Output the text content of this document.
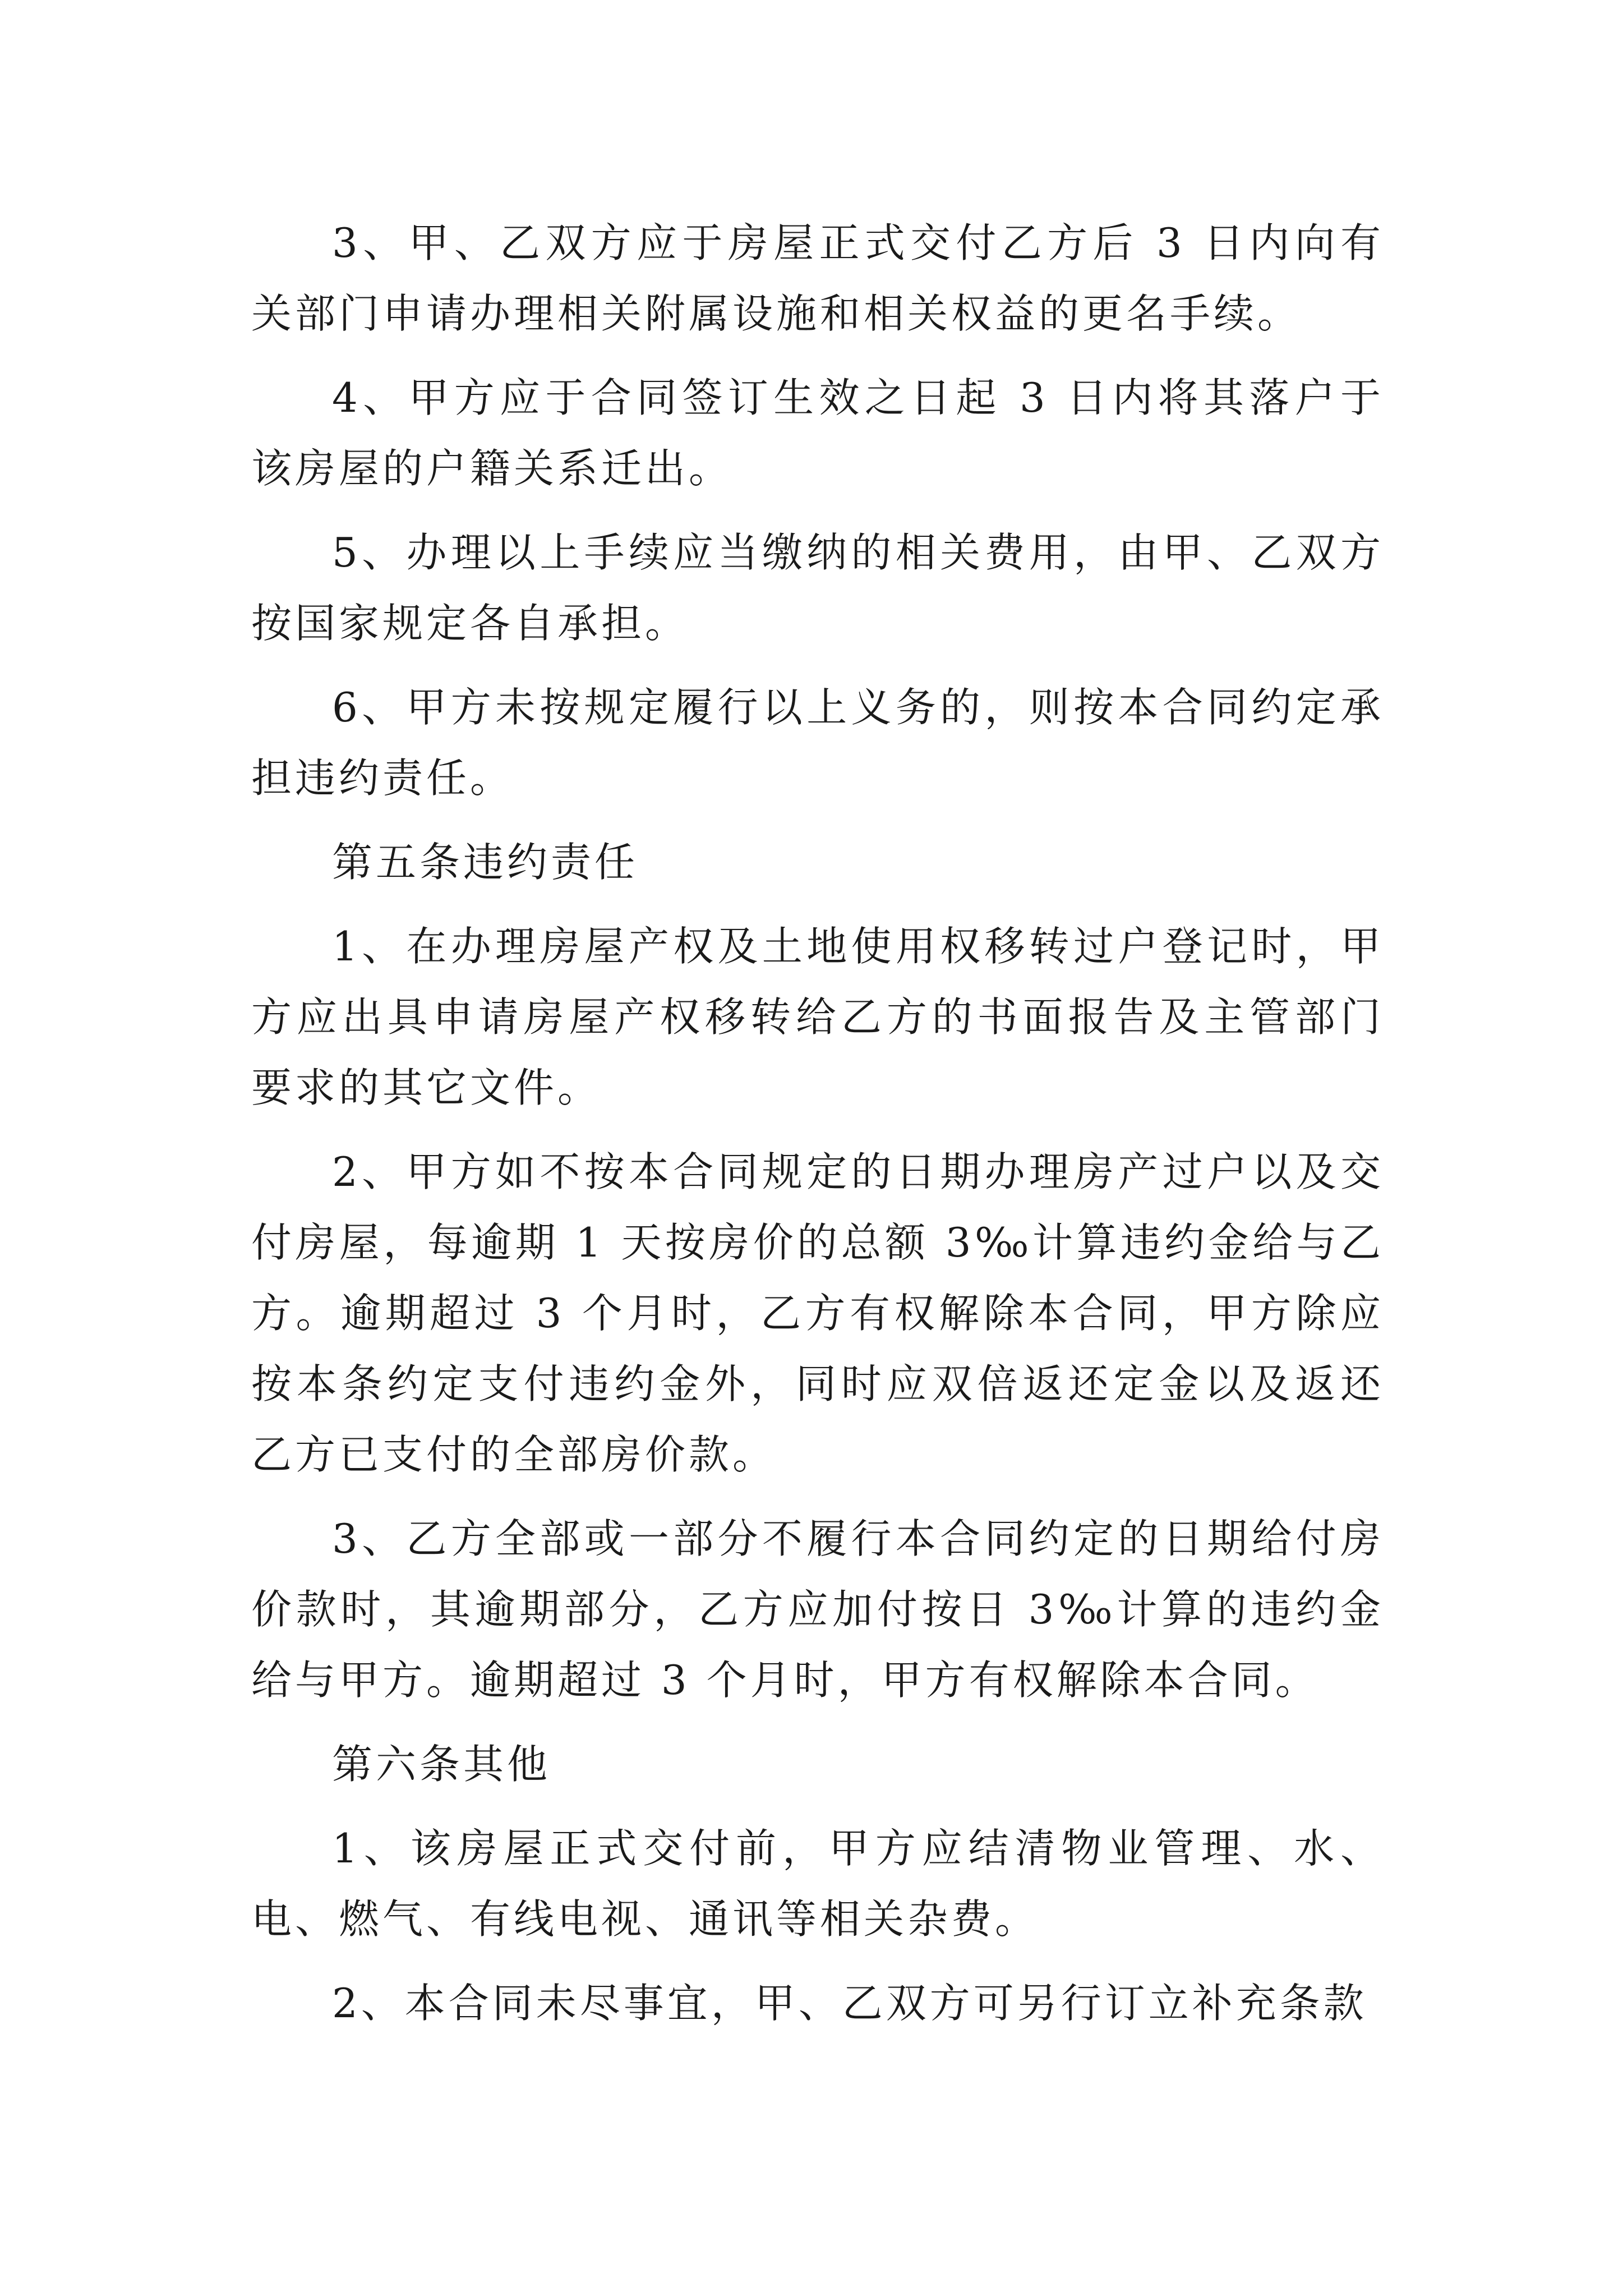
3、甲、乙双方应于房屋正式交付乙方后 3 日内向有关部门申请办理相关附属设施和相关权益的更名手续。

4、甲方应于合同签订生效之日起 3 日内将其落户于该房屋的户籍关系迁出。

5、办理以上手续应当缴纳的相关费用，由甲、乙双方按国家规定各自承担。

6、甲方未按规定履行以上义务的，则按本合同约定承担违约责任。

第五条违约责任

1、在办理房屋产权及土地使用权移转过户登记时，甲方应出具申请房屋产权移转给乙方的书面报告及主管部门要求的其它文件。

2、甲方如不按本合同规定的日期办理房产过户以及交付房屋，每逾期 1 天按房价的总额 3‰计算违约金给与乙方。逾期超过 3 个月时，乙方有权解除本合同，甲方除应按本条约定支付违约金外，同时应双倍返还定金以及返还乙方已支付的全部房价款。

3、乙方全部或一部分不履行本合同约定的日期给付房价款时，其逾期部分，乙方应加付按日 3‰计算的违约金给与甲方。逾期超过 3 个月时，甲方有权解除本合同。

第六条其他

1、该房屋正式交付前，甲方应结清物业管理、水、电、燃气、有线电视、通讯等相关杂费。

2、本合同未尽事宜，甲、乙双方可另行订立补充条款
